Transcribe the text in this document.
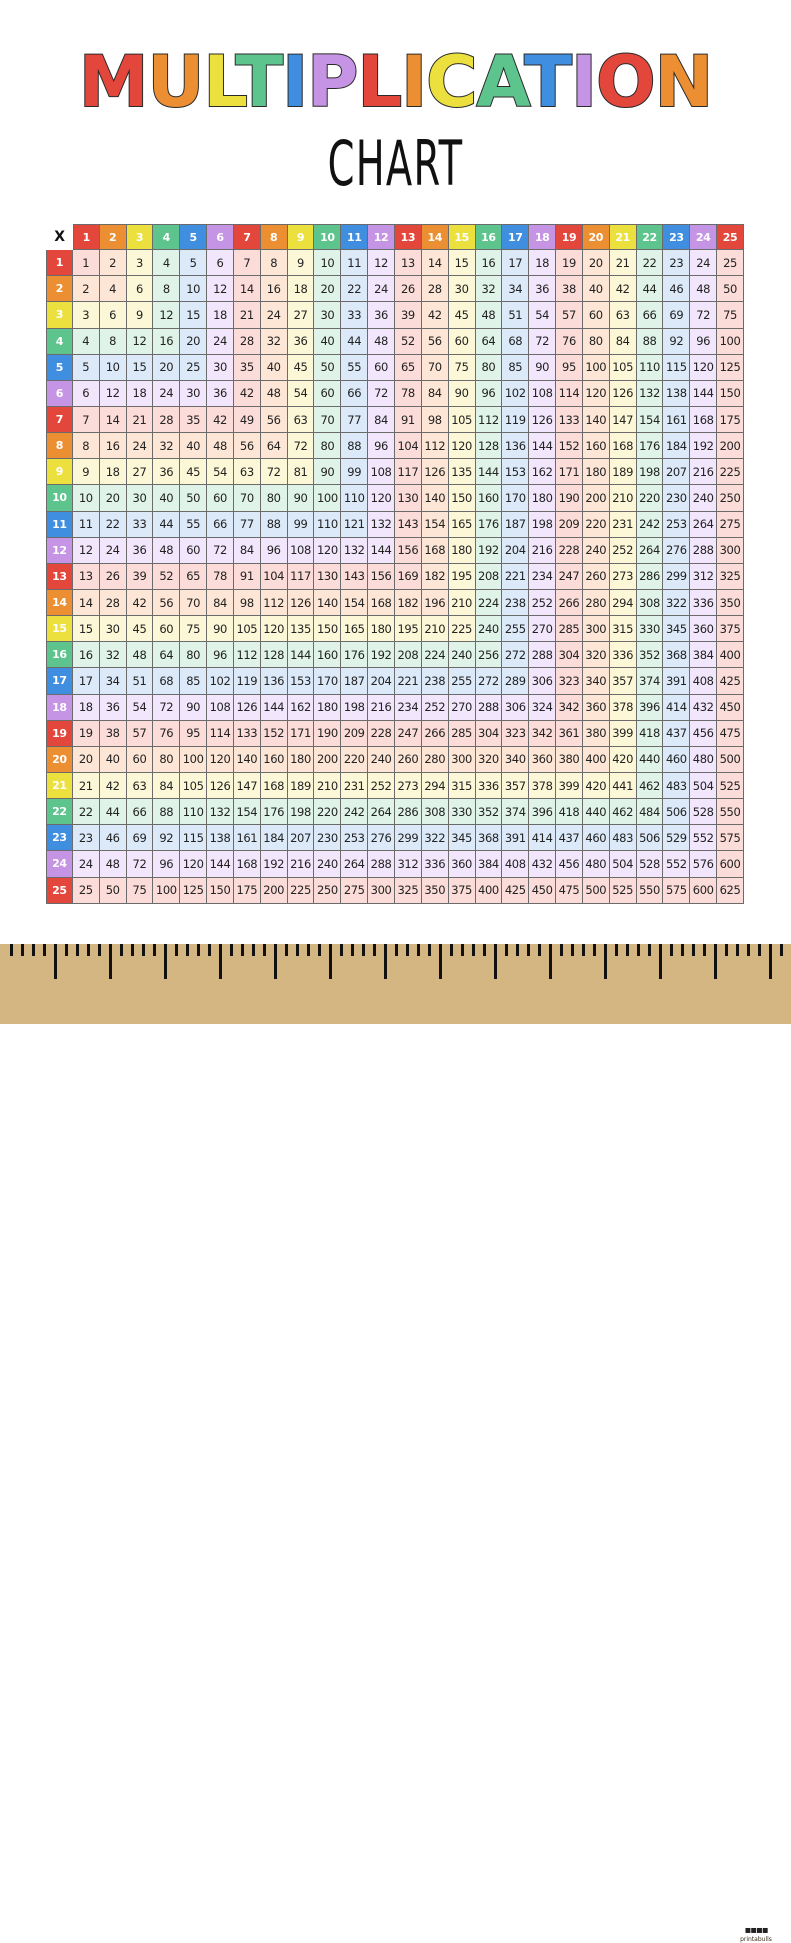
MULTIPLICATION
CHART
X	1	2	3	4	5	6	7	8	9	10	11	12	13	14	15	16	17	18	19	20	21	22	23	24	25
1	1	2	3	4	5	6	7	8	9	10	11	12	13	14	15	16	17	18	19	20	21	22	23	24	25
2	2	4	6	8	10	12	14	16	18	20	22	24	26	28	30	32	34	36	38	40	42	44	46	48	50
3	3	6	9	12	15	18	21	24	27	30	33	36	39	42	45	48	51	54	57	60	63	66	69	72	75
4	4	8	12	16	20	24	28	32	36	40	44	48	52	56	60	64	68	72	76	80	84	88	92	96 100
5	5	10	15	20	25	30	35	40	45	50	55	60	65	70	75	80	85	90	95 100 105 110 115 120 125
6	6	12	18	24	30	36	42	48	54	60	66	72	78	84	90	96 102 108 114 120 126 132 138 144 150
7	7	14	21	28	35	42	49	56	63	70	77	84	91	98 105 112 119 126 133 140 147 154 161 168 175
8	8	16	24	32	40	48	56	64	72	80	88	96 104 112 120 128 136 144 152 160 168 176 184 192 200
9	9	18	27	36	45	54	63	72	81	90	99 108 117 126 135 144 153 162 171 180 189 198 207 216 225
10	10	20	30	40	50	60	70	80	90 100 110 120 130 140 150 160 170 180 190 200 210 220 230 240 250
11	11	22	33	44	55	66	77	88	99 110 121 132 143 154 165 176 187 198 209 220 231 242 253 264 275
12	12	24	36	48	60	72	84	96 108 120 132 144 156 168 180 192 204 216 228 240 252 264 276 288 300
13	13	26	39	52	65	78	91 104 117 130 143 156 169 182 195 208 221 234 247 260 273 286 299 312 325
14	14	28	42	56	70	84	98 112 126 140 154 168 182 196 210 224 238 252 266 280 294 308 322 336 350
15	15	30	45	60	75	90 105 120 135 150 165 180 195 210 225 240 255 270 285 300 315 330 345 360 375
16	16	32	48	64	80	96 112 128 144 160 176 192 208 224 240 256 272 288 304 320 336 352 368 384 400
17	17	34	51	68	85 102 119 136 153 170 187 204 221 238 255 272 289 306 323 340 357 374 391 408 425
18	18	36	54	72	90 108 126 144 162 180 198 216 234 252 270 288 306 324 342 360 378 396 414 432 450
19	19	38	57	76	95 114 133 152 171 190 209 228 247 266 285 304 323 342 361 380 399 418 437 456 475
20	20	40	60	80 100 120 140 160 180 200 220 240 260 280 300 320 340 360 380 400 420 440 460 480 500
21	21	42	63	84 105 126 147 168 189 210 231 252 273 294 315 336 357 378 399 420 441 462 483 504 525
22	22	44	66	88 110 132 154 176 198 220 242 264 286 308 330 352 374 396 418 440 462 484 506 528 550
23	23	46	69	92 115 138 161 184 207 230 253 276 299 322 345 368 391 414 437 460 483 506 529 552 575
24	24	48	72	96 120 144 168 192 216 240 264 288 312 336 360 384 408 432 456 480 504 528 552 576 600
25	25	50	75 100 125 150 175 200 225 250 275 300 325 350 375 400 425 450 475 500 525 550 575 600 625
▪▪▪▪
printabulls
